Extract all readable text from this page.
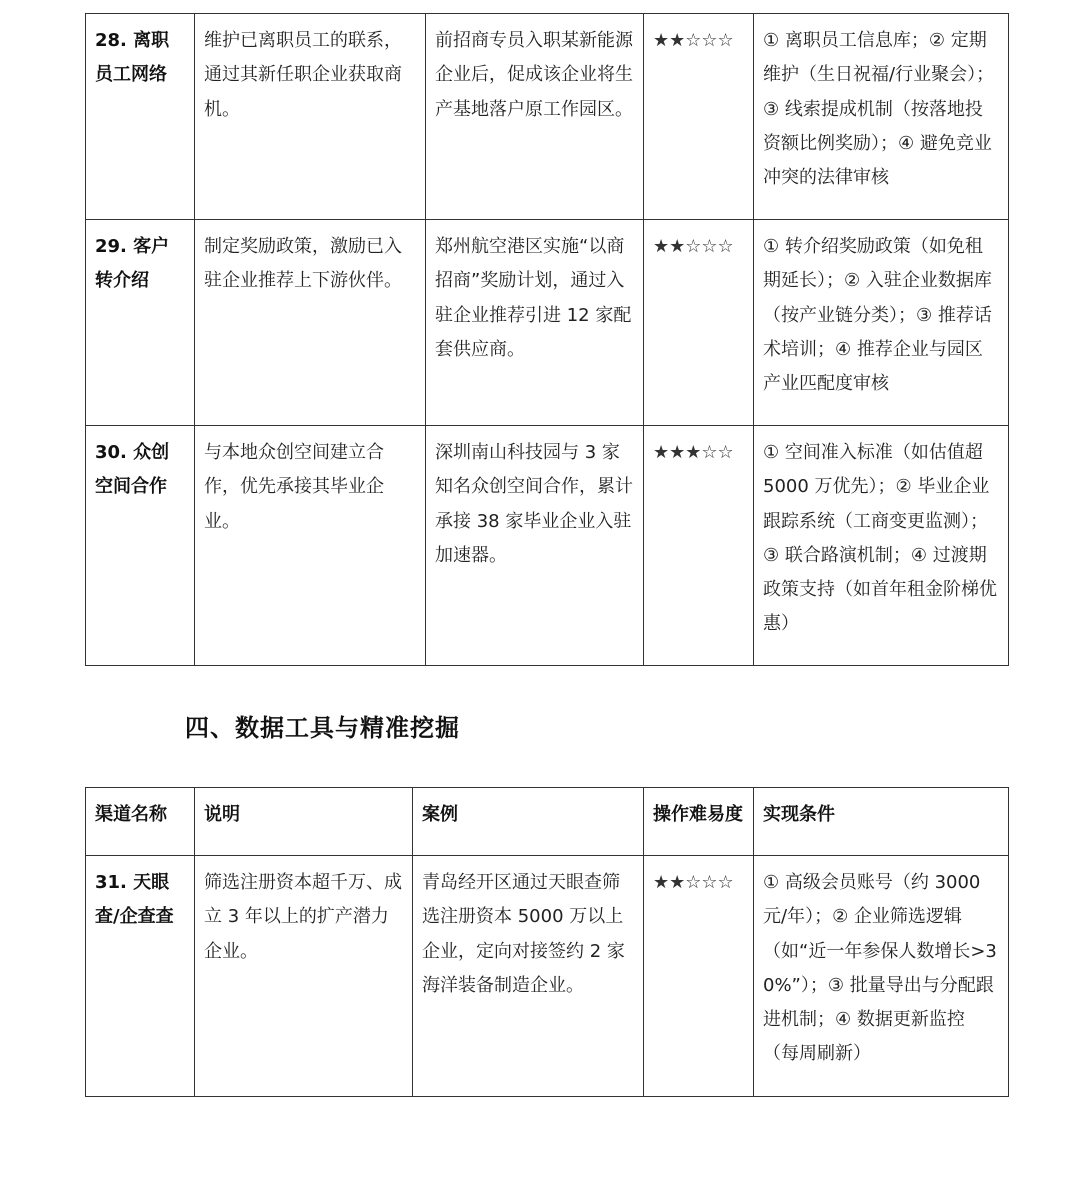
28. 离职员工网络	维护已离职员工的联系，通过其新任职企业获取商机。	前招商专员入职某新能源企业后，促成该企业将生产基地落户原工作园区。	★★☆☆☆	① 离职员工信息库；② 定期维护（生日祝福/行业聚会）；③ 线索提成机制（按落地投资额比例奖励）；④ 避免竞业冲突的法律审核
29. 客户转介绍	制定奖励政策，激励已入驻企业推荐上下游伙伴。	郑州航空港区实施“以商招商”奖励计划，通过入驻企业推荐引进 12 家配套供应商。	★★☆☆☆	① 转介绍奖励政策（如免租期延长）；② 入驻企业数据库（按产业链分类）；③ 推荐话术培训；④ 推荐企业与园区产业匹配度审核
30. 众创空间合作	与本地众创空间建立合作，优先承接其毕业企业。	深圳南山科技园与 3 家知名众创空间合作，累计承接 38 家毕业企业入驻加速器。	★★★☆☆	① 空间准入标准（如估值超 5000 万优先）；② 毕业企业跟踪系统（工商变更监测）；③ 联合路演机制；④ 过渡期政策支持（如首年租金阶梯优惠）
四、数据工具与精准挖掘
渠道名称	说明	案例	操作难易度	实现条件
31. 天眼查/企查查	筛选注册资本超千万、成立 3 年以上的扩产潜力企业。	青岛经开区通过天眼查筛选注册资本 5000 万以上企业，定向对接签约 2 家海洋装备制造企业。	★★☆☆☆	① 高级会员账号（约 3000 元/年）；② 企业筛选逻辑（如“近一年参保人数增长>30%”）；③ 批量导出与分配跟进机制；④ 数据更新监控（每周刷新）
